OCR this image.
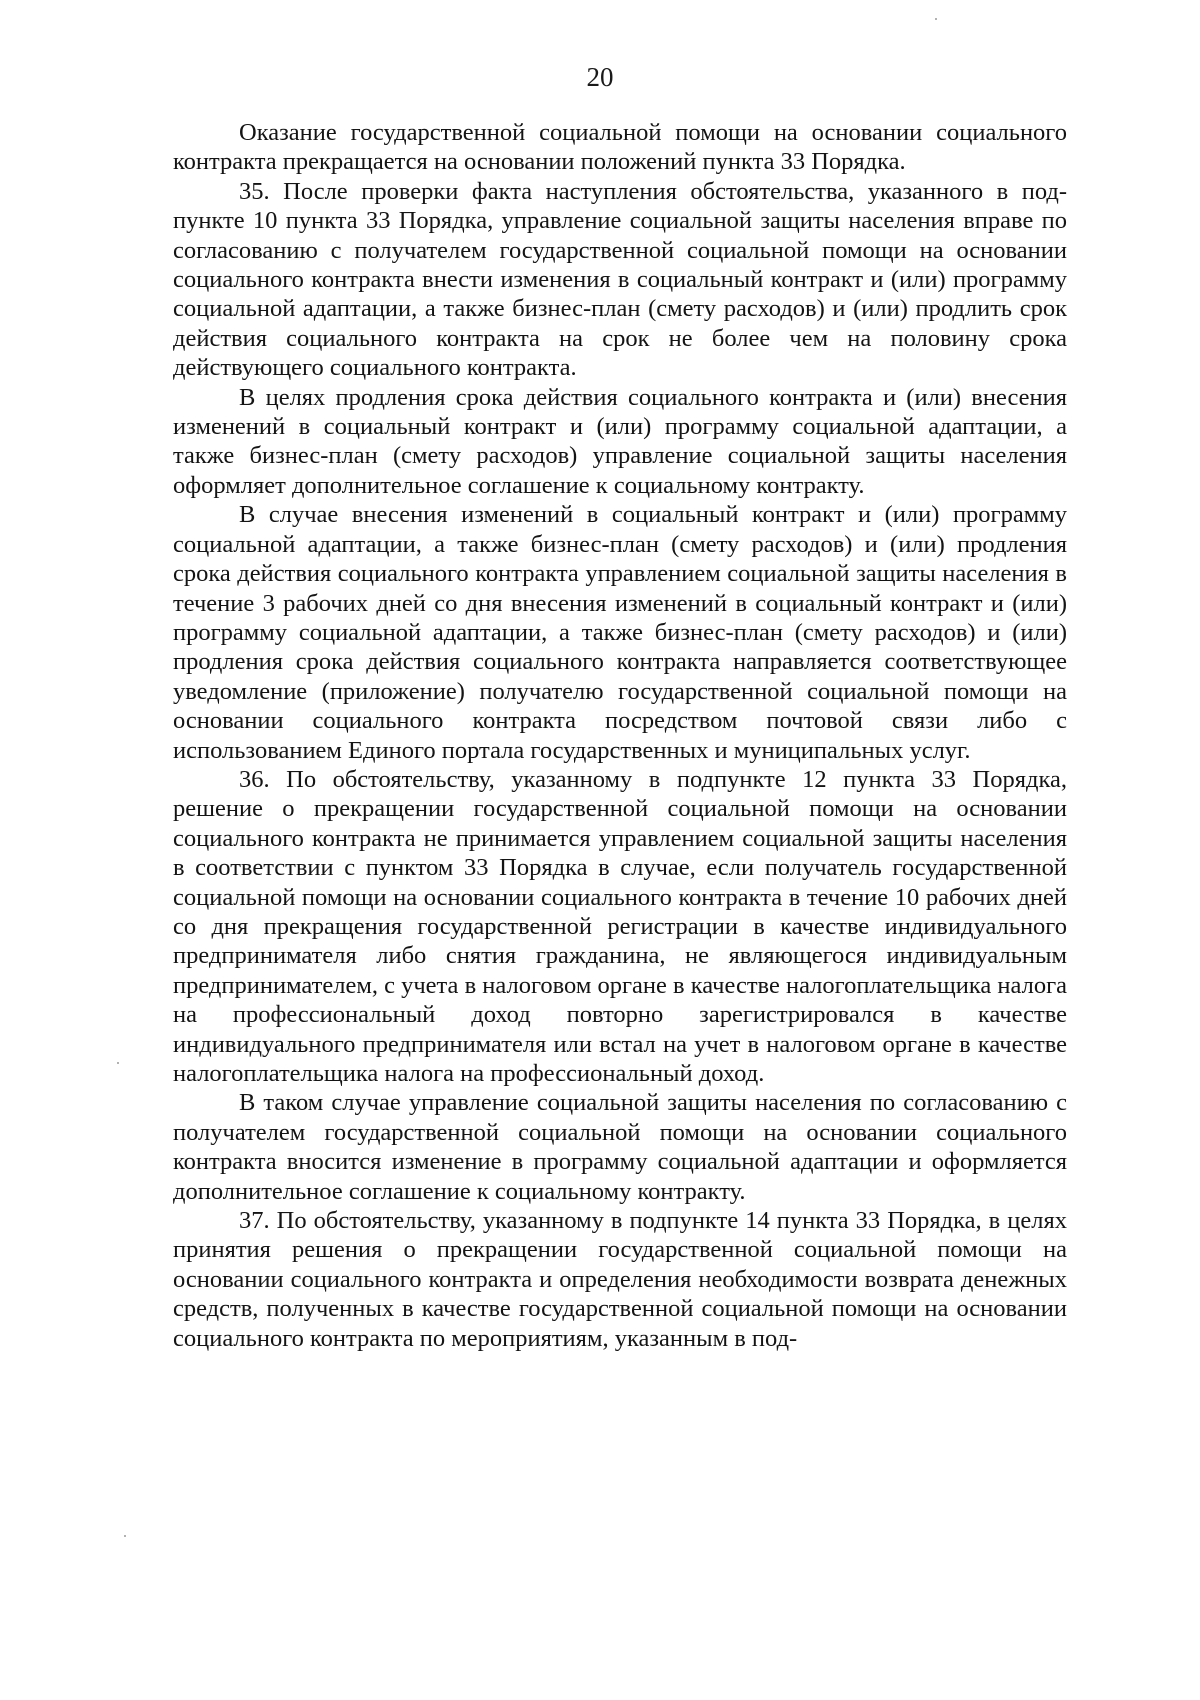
20

Оказание государственной социальной помощи на основании социального контракта прекращается на основании положений пункта 33 Порядка.

35. После проверки факта наступления обстоятельства, указанного в подпункте 10 пункта 33 Порядка, управление социальной защиты населения вправе по согласованию с получателем государственной социальной помощи на основании социального контракта внести изменения в социальный контракт и (или) программу социальной адаптации, а также бизнес-план (смету расходов) и (или) продлить срок действия социального контракта на срок не более чем на половину срока действующего социального контракта.

В целях продления срока действия социального контракта и (или) внесения изменений в социальный контракт и (или) программу социальной адаптации, а также бизнес-план (смету расходов) управление социальной защиты населения оформляет дополнительное соглашение к социальному контракту.

В случае внесения изменений в социальный контракт и (или) программу социальной адаптации, а также бизнес-план (смету расходов) и (или) продления срока действия социального контракта управлением социальной защиты населения в течение 3 рабочих дней со дня внесения изменений в социальный контракт и (или) программу социальной адаптации, а также бизнес-план (смету расходов) и (или) продления срока действия социального контракта направляется соответствующее уведомление (приложение) получателю государственной социальной помощи на основании социального контракта посредством почтовой связи либо с использованием Единого портала государственных и муниципальных услуг.

36. По обстоятельству, указанному в подпункте 12 пункта 33 Порядка, решение о прекращении государственной социальной помощи на основании социального контракта не принимается управлением социальной защиты населения в соответствии с пунктом 33 Порядка в случае, если получатель государственной социальной помощи на основании социального контракта в течение 10 рабочих дней со дня прекращения государственной регистрации в качестве индивидуального предпринимателя либо снятия гражданина, не являющегося индивидуальным предпринимателем, с учета в налоговом органе в качестве налогоплательщика налога на профессиональный доход повторно зарегистрировался в качестве индивидуального предпринимателя или встал на учет в налоговом органе в качестве налогоплательщика налога на профессиональный доход.

В таком случае управление социальной защиты населения по согласованию с получателем государственной социальной помощи на основании социального контракта вносится изменение в программу социальной адаптации и оформляется дополнительное соглашение к социальному контракту.

37. По обстоятельству, указанному в подпункте 14 пункта 33 Порядка, в целях принятия решения о прекращении государственной социальной помощи на основании социального контракта и определения необходимости возврата денежных средств, полученных в качестве государственной социальной помощи на основании социального контракта по мероприятиям, указанным в под-
